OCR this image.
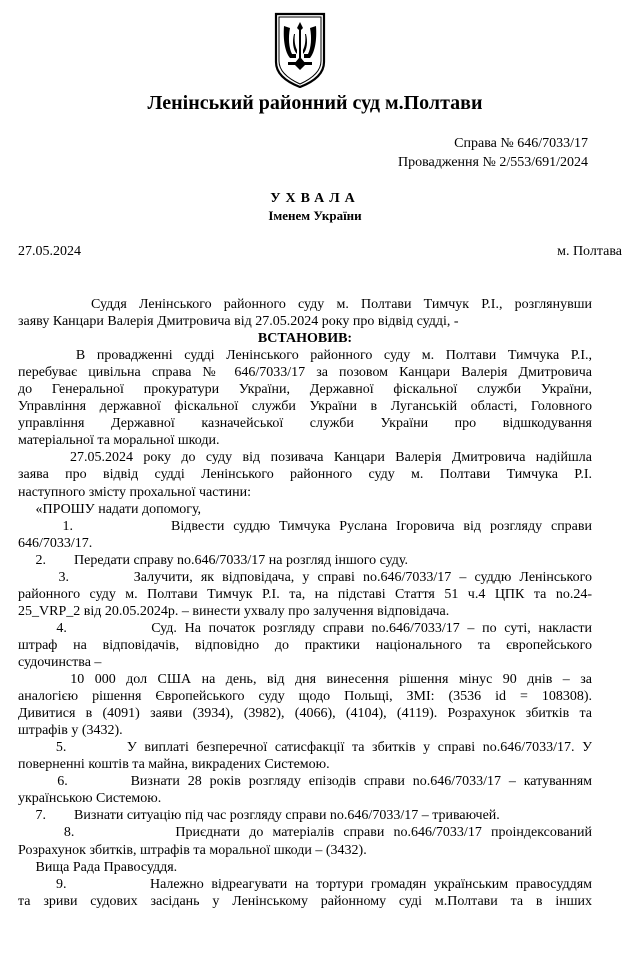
Ленінський районний суд м.Полтави
Справа № 646/7033/17
Провадження № 2/553/691/2024
УХВАЛА
Іменем України
27.05.2024	м. Полтава
Суддя Ленінського районного суду м. Полтави Тимчук Р.І., розглянувши
заяву Канцари Валерія Дмитровича від 27.05.2024 року про відвід судді, -
ВСТАНОВИВ:
В провадженні судді Ленінського районного суду м. Полтави Тимчука Р.І.,
перебуває цивільна справа № 646/7033/17 за позовом Канцари Валерія Дмитровича
до Генеральної прокуратури України, Державної фіскальної служби України,
Управління державної фіскальної служби України в Луганській області, Головного
управління Державної казначейської служби України про відшкодування
матеріальної та моральної шкоди.
27.05.2024 року до суду від позивача Канцари Валерія Дмитровича надійшла
заява про відвід судді Ленінського районного суду м. Полтави Тимчука Р.І.
наступного змісту прохальної частини:
«ПРОШУ надати допомогу,
1.           Відвести суддю Тимчука Руслана Ігоровича від розгляду справи
646/7033/17.
2.        Передати справу no.646/7033/17 на розгляд іншого суду.
3.        Залучити, як відповідача, у справі no.646/7033/17 – суддю Ленінського
районного суду м. Полтави Тимчук Р.І. та, на підставі Стаття 51 ч.4 ЦПК та no.24-
25_VRP_2 від 20.05.2024р. – винести ухвалу про залучення відповідача.
4.           Суд. На початок розгляду справи no.646/7033/17 – по суті, накласти
штраф на відповідачів, відповідно до практики національного та європейського
судочинства –
10 000 дол США на день, від дня винесення рішення мінус 90 днів – за
аналогією рішення Європейського суду щодо Польщі, ЗМІ: (3536 id = 108308).
Дивитися в (4091) заяви (3934), (3982), (4066), (4104), (4119). Розрахунок збитків та
штрафів у (3432).
5.        У виплаті безперечної сатисфакції та збитків у справі no.646/7033/17. У
поверненні коштів та майна, викрадених Системою.
6.        Визнати 28 років розгляду епізодів справи no.646/7033/17 – катуванням
українською Системою.
7.        Визнати ситуацію під час розгляду справи no.646/7033/17 – триваючей.
8.           Приєднати до матеріалів справи no.646/7033/17 проіндексований
Розрахунок збитків, штрафів та моральної шкоди – (3432).
Вища Рада Правосуддя.
9.           Належно відреагувати на тортури громадян українським правосуддям
та зриви судових засідань у Ленінському районному суді м.Полтави та в інших
